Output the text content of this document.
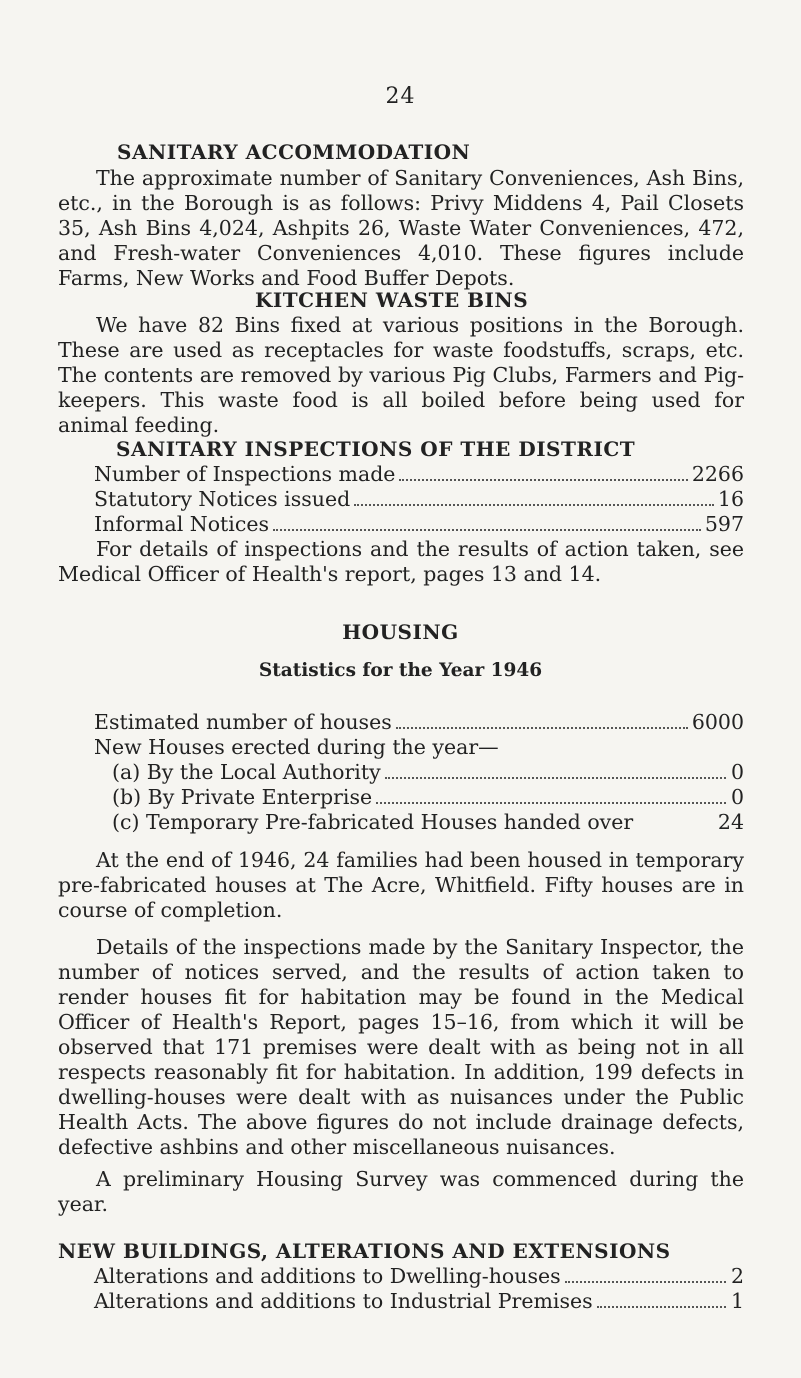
24
SANITARY ACCOMMODATION
The approximate number of Sanitary Conveniences, Ash Bins, etc., in the Borough is as follows: Privy Middens 4, Pail Closets 35, Ash Bins 4,024, Ashpits 26, Waste Water Conveniences, 472, and Fresh-water Conveniences 4,010. These figures include Farms, New Works and Food Buffer Depots.
KITCHEN WASTE BINS
We have 82 Bins fixed at various positions in the Borough. These are used as receptacles for waste foodstuffs, scraps, etc. The contents are removed by various Pig Clubs, Farmers and Pig-keepers. This waste food is all boiled before being used for animal feeding.
SANITARY INSPECTIONS OF THE DISTRICT
Number of Inspections made	2266
Statutory Notices issued	16
Informal Notices	597
For details of inspections and the results of action taken, see Medical Officer of Health's report, pages 13 and 14.
HOUSING
Statistics for the Year 1946
Estimated number of houses	6000
New Houses erected during the year—
(a) By the Local Authority	0
(b) By Private Enterprise	0
(c) Temporary Pre-fabricated Houses handed over	24
At the end of 1946, 24 families had been housed in temporary pre-fabricated houses at The Acre, Whitfield. Fifty houses are in course of completion.
Details of the inspections made by the Sanitary Inspector, the number of notices served, and the results of action taken to render houses fit for habitation may be found in the Medical Officer of Health's Report, pages 15–16, from which it will be observed that 171 premises were dealt with as being not in all respects reasonably fit for habitation. In addition, 199 defects in dwelling-houses were dealt with as nuisances under the Public Health Acts. The above figures do not include drainage defects, defective ashbins and other miscellaneous nuisances.
A preliminary Housing Survey was commenced during the year.
NEW BUILDINGS, ALTERATIONS AND EXTENSIONS
Alterations and additions to Dwelling-houses	2
Alterations and additions to Industrial Premises	1
